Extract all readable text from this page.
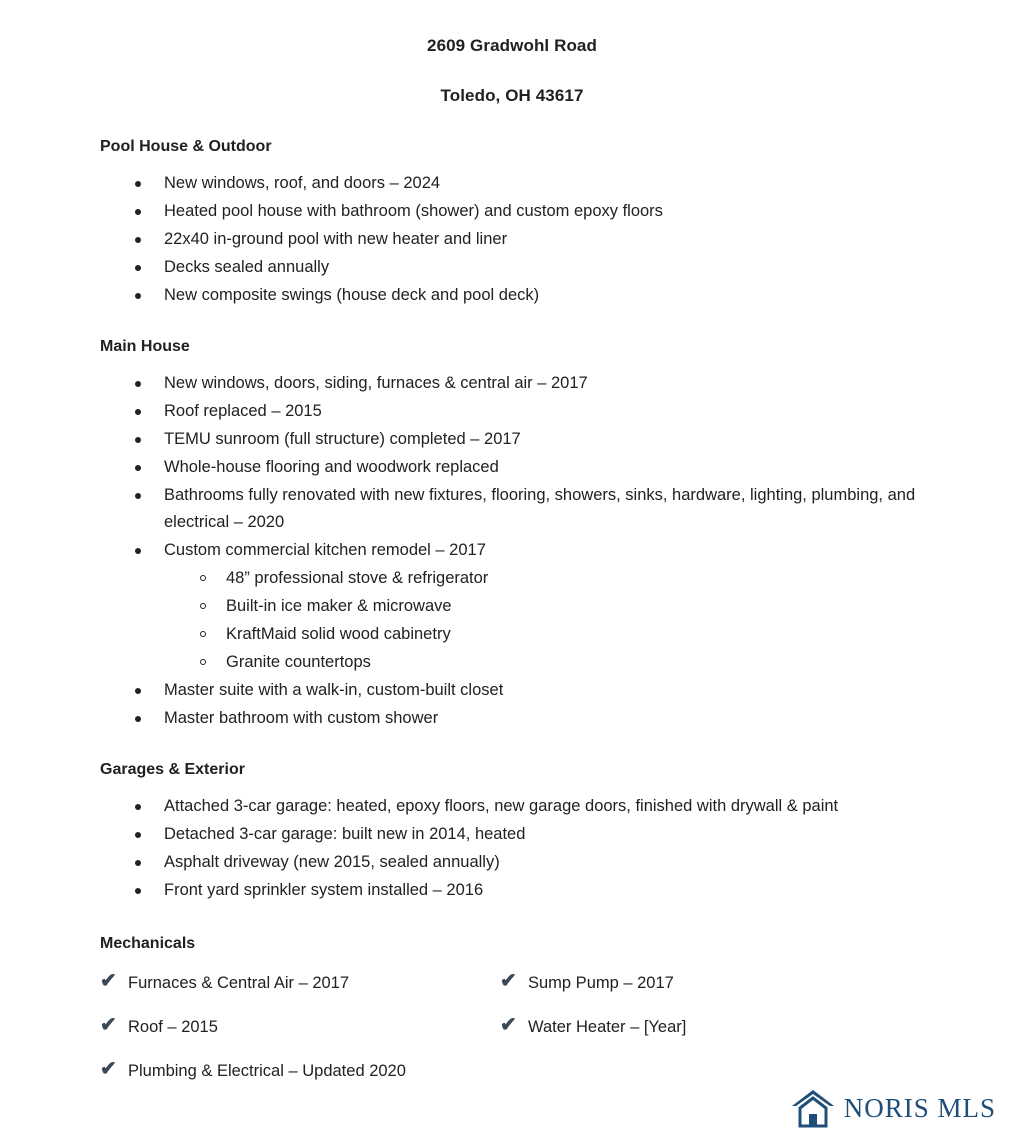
2609 Gradwohl Road
Toledo, OH 43617
Pool House & Outdoor
New windows, roof, and doors – 2024
Heated pool house with bathroom (shower) and custom epoxy floors
22x40 in-ground pool with new heater and liner
Decks sealed annually
New composite swings (house deck and pool deck)
Main House
New windows, doors, siding, furnaces & central air – 2017
Roof replaced – 2015
TEMU sunroom (full structure) completed – 2017
Whole-house flooring and woodwork replaced
Bathrooms fully renovated with new fixtures, flooring, showers, sinks, hardware, lighting, plumbing, and electrical – 2020
Custom commercial kitchen remodel – 2017
48” professional stove & refrigerator
Built-in ice maker & microwave
KraftMaid solid wood cabinetry
Granite countertops
Master suite with a walk-in, custom-built closet
Master bathroom with custom shower
Garages & Exterior
Attached 3-car garage: heated, epoxy floors, new garage doors, finished with drywall & paint
Detached 3-car garage: built new in 2014, heated
Asphalt driveway (new 2015, sealed annually)
Front yard sprinkler system installed – 2016
Mechanicals
✔ Furnaces & Central Air – 2017	✔ Sump Pump – 2017
✔ Roof – 2015	✔ Water Heater – [Year]
✔ Plumbing & Electrical – Updated 2020
NORIS MLS
